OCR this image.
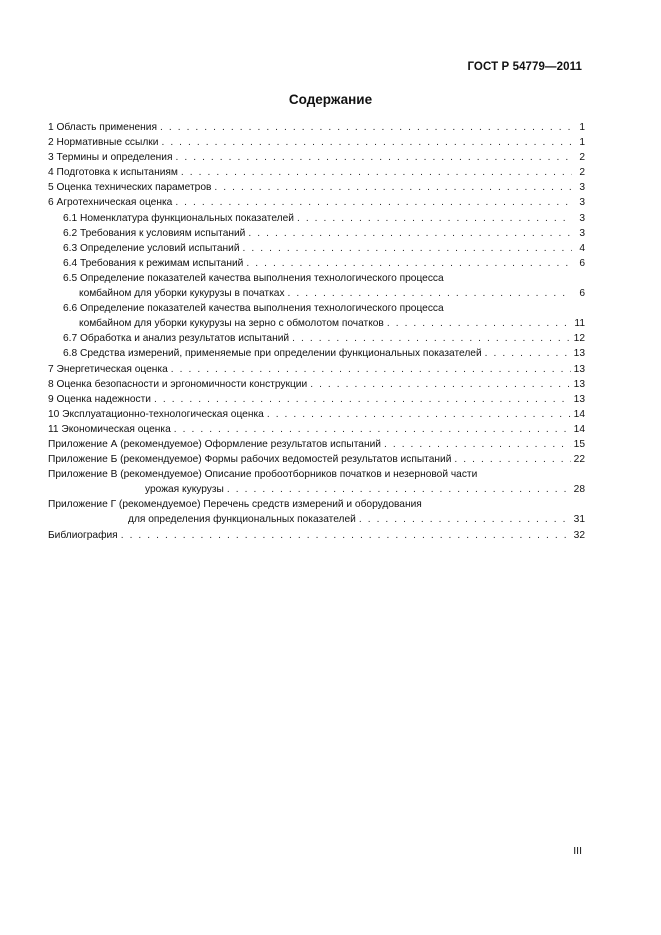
ГОСТ Р 54779—2011
Содержание
1 Область применения . . .	1
2 Нормативные ссылки . . .	1
3 Термины и определения . . .	2
4 Подготовка к испытаниям . . .	2
5 Оценка технических параметров . . .	3
6 Агротехническая оценка . . .	3
6.1 Номенклатура функциональных показателей . . .	3
6.2 Требования к условиям испытаний . . .	3
6.3 Определение условий испытаний . . .	4
6.4 Требования к режимам испытаний . . .	6
6.5 Определение показателей качества выполнения технологического процесса
комбайном для уборки кукурузы в початках . . .	6
6.6 Определение показателей качества выполнения технологического процесса
комбайном для уборки кукурузы на зерно с обмолотом початков . . .	11
6.7 Обработка и анализ результатов испытаний . . .	12
6.8 Средства измерений, применяемые при определении функциональных показателей . . .	13
7 Энергетическая оценка . . .	13
8 Оценка безопасности и эргономичности конструкции . . .	13
9 Оценка надежности . . .	13
10 Эксплуатационно-технологическая оценка . . .	14
11 Экономическая оценка . . .	14
Приложение А (рекомендуемое) Оформление результатов испытаний . . .	15
Приложение Б (рекомендуемое) Формы рабочих ведомостей результатов испытаний . . .	22
Приложение В (рекомендуемое) Описание пробоотборников початков и незерновой части
урожая кукурузы . . .	28
Приложение Г (рекомендуемое) Перечень средств измерений и оборудования
для определения функциональных показателей . . .	31
Библиография . . .	32
III
